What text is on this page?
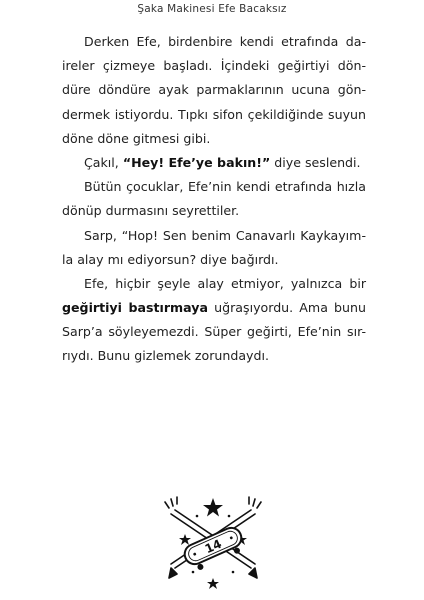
Şaka Makinesi Efe Bacaksız
Derken Efe, birdenbire kendi etrafında da-
ireler çizmeye başladı. İçindeki geğirtiyi dön-
düre döndüre ayak parmaklarının ucuna gön-
dermek istiyordu. Tıpkı sifon çekildiğinde suyun
döne döne gitmesi gibi.
Çakıl, “Hey! Efe’ye bakın!” diye seslendi.
Bütün çocuklar, Efe’nin kendi etrafında hızla
dönüp durmasını seyrettiler.
Sarp, “Hop! Sen benim Canavarlı Kaykayım-
la alay mı ediyorsun? diye bağırdı.
Efe, hiçbir şeyle alay etmiyor, yalnızca bir
geğirtiyi bastırmaya uğraşıyordu. Ama bunu
Sarp’a söyleyemezdi. Süper geğirti, Efe’nin sır-
rıydı. Bunu gizlemek zorundaydı.
14
